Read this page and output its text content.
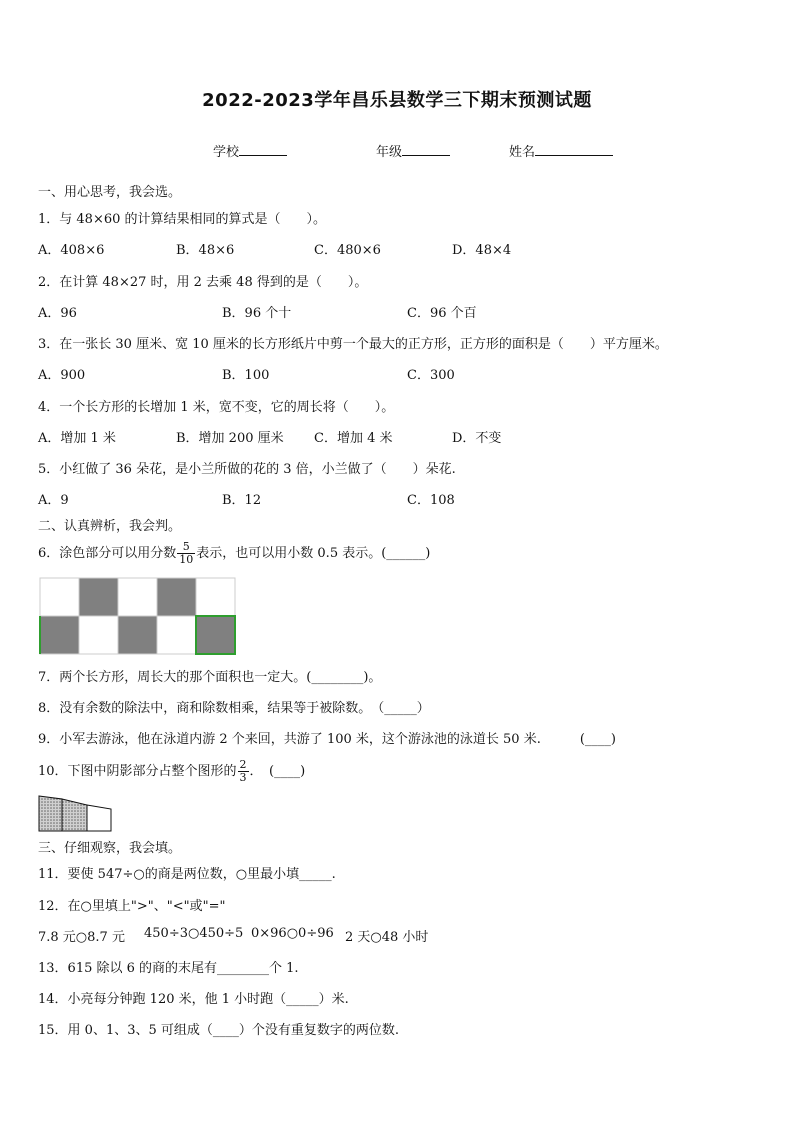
2022-2023学年昌乐县数学三下期末预测试题
学校	年级	姓名
一、用心思考，我会选。
1．与 48×60 的计算结果相同的算式是（　　）。
A．408×6	B．48×6	C．480×6	D．48×4
2．在计算 48×27 时，用 2 去乘 48 得到的是（　　）。
A．96	B．96 个十	C．96 个百
3．在一张长 30 厘米、宽 10 厘米的长方形纸片中剪一个最大的正方形，正方形的面积是（　　）平方厘米。
A．900	B．100	C．300
4．一个长方形的长增加 1 米，宽不变，它的周长将（　　）。
A．增加 1 米	B．增加 200 厘米 C．增加 4 米	D．不变
5．小红做了 36 朵花，是小兰所做的花的 3 倍，小兰做了（　　）朵花.
A．9	B．12	C．108
二、认真辨析，我会判。
6．涂色部分可以用分数 $\frac{5}{10}$ 表示，也可以用小数 0.5 表示。(______)
7．两个长方形，周长大的那个面积也一定大。(________)。
8．没有余数的除法中，商和除数相乘，结果等于被除数。　（_____）
9．小军去游泳，他在泳道内游 2 个来回，共游了 100 米，这个游泳池的泳道长 50 米.　　　(____)
10．下图中阴影部分占整个图形的 $\frac{2}{3}$ ．　(____)
三、仔细观察，我会填。
11．要使 547÷○的商是两位数，○里最小填_____.
12．在○里填上">"、"<"或"="
7.8 元○8.7 元 450÷3○450÷5 0×96○0÷96 2 天○48 小时
13．615 除以 6 的商的末尾有________个 1.
14．小亮每分钟跑 120 米，他 1 小时跑（_____）米.
15．用 0、1、3、5 可组成（____）个没有重复数字的两位数.
